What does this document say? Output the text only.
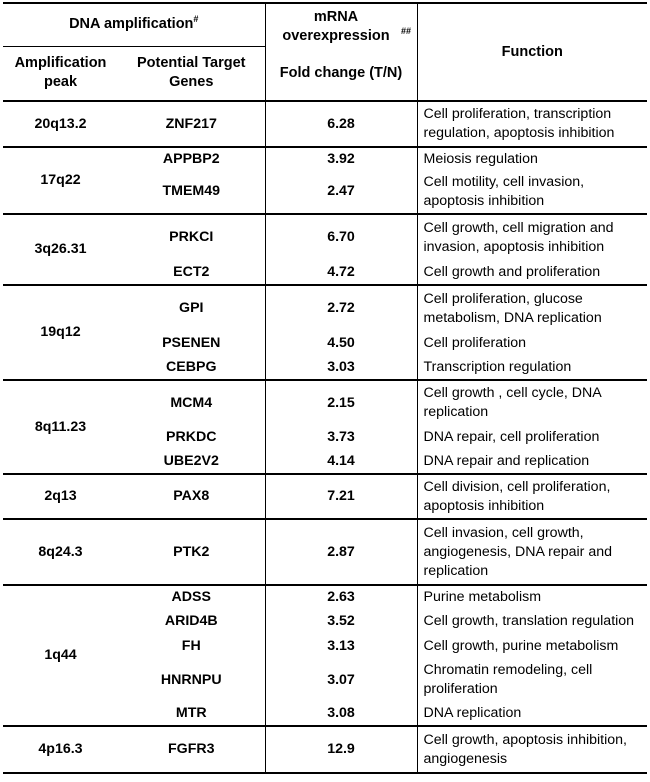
DNA amplification#		mRNA overexpression ##	Function
Amplification peak	Potential Target Genes	Fold change (T/N)	
20q13.2	ZNF217	6.28	Cell proliferation, transcription regulation, apoptosis inhibition
17q22	APPBP2	3.92	Meiosis regulation
	TMEM49	2.47	Cell motility, cell invasion, apoptosis inhibition
3q26.31	PRKCI	6.70	Cell growth, cell migration and invasion, apoptosis inhibition
	ECT2	4.72	Cell growth and proliferation
19q12	GPI	2.72	Cell proliferation, glucose metabolism, DNA replication
	PSENEN	4.50	Cell proliferation
	CEBPG	3.03	Transcription regulation
8q11.23	MCM4	2.15	Cell growth , cell cycle, DNA replication
	PRKDC	3.73	DNA repair, cell proliferation
	UBE2V2	4.14	DNA repair and replication
2q13	PAX8	7.21	Cell division, cell proliferation, apoptosis inhibition
8q24.3	PTK2	2.87	Cell invasion, cell growth, angiogenesis, DNA repair and replication
1q44	ADSS	2.63	Purine metabolism
	ARID4B	3.52	Cell growth, translation regulation
	FH	3.13	Cell growth, purine metabolism
	HNRNPU	3.07	Chromatin remodeling, cell proliferation
	MTR	3.08	DNA replication
4p16.3	FGFR3	12.9	Cell growth, apoptosis inhibition, angiogenesis
